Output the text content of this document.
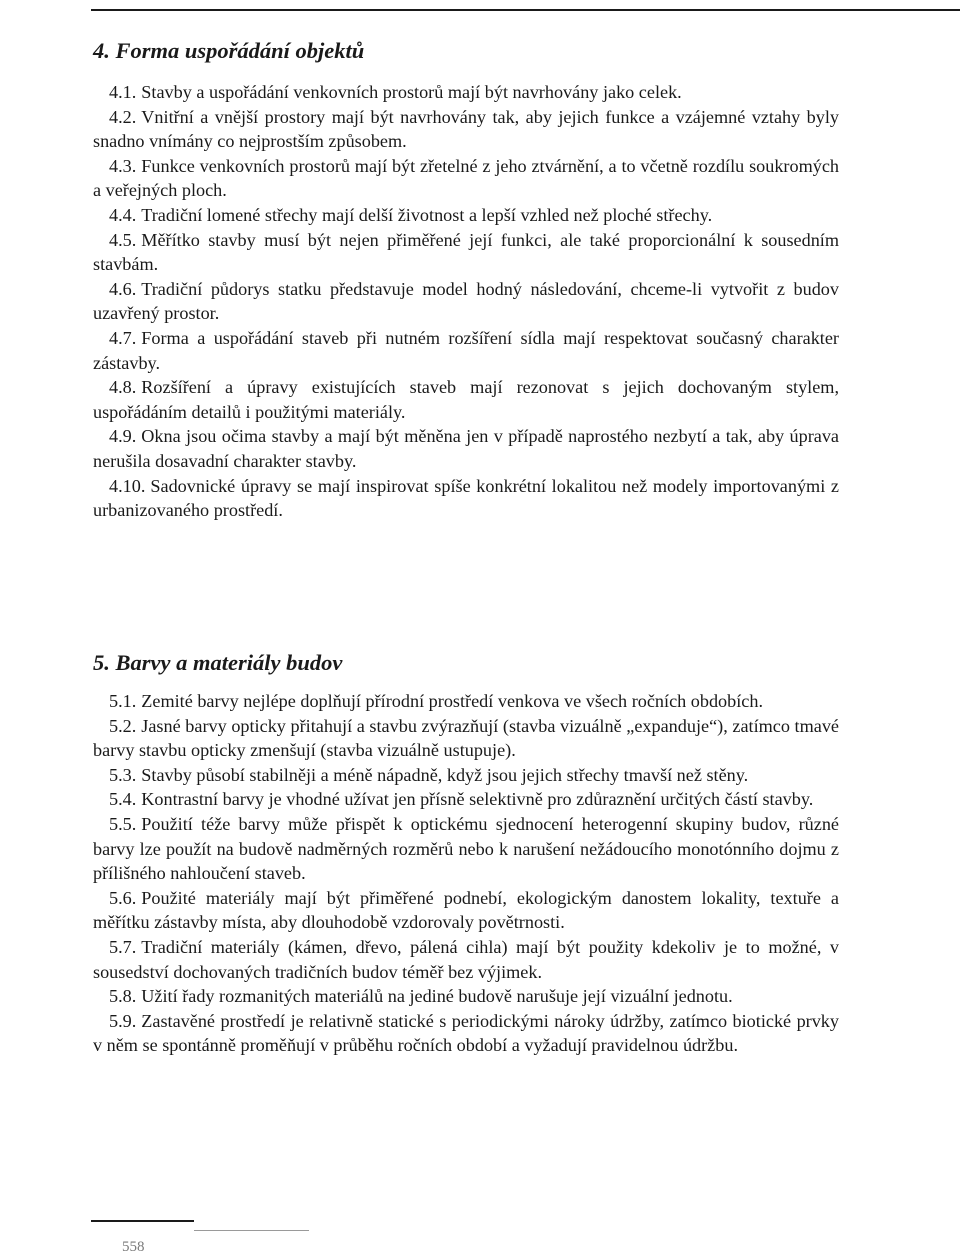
4. Forma uspořádání objektů

4.1. Stavby a uspořádání venkovních prostorů mají být navrhovány jako celek.

4.2. Vnitřní a vnější prostory mají být navrhovány tak, aby jejich funkce a vzájemné vztahy byly snadno vnímány co nejprostším způsobem.

4.3. Funkce venkovních prostorů mají být zřetelné z jeho ztvárnění, a to včetně rozdílu soukromých a veřejných ploch.

4.4. Tradiční lomené střechy mají delší životnost a lepší vzhled než ploché střechy.

4.5. Měřítko stavby musí být nejen přiměřené její funkci, ale také proporcionální k sousedním stavbám.

4.6. Tradiční půdorys statku představuje model hodný následování, chceme-li vytvořit z budov uzavřený prostor.

4.7. Forma a uspořádání staveb při nutném rozšíření sídla mají respektovat současný charakter zástavby.

4.8. Rozšíření a úpravy existujících staveb mají rezonovat s jejich dochovaným stylem, uspořádáním detailů i použitými materiály.

4.9. Okna jsou očima stavby a mají být měněna jen v případě naprostého nezbytí a tak, aby úprava nerušila dosavadní charakter stavby.

4.10. Sadovnické úpravy se mají inspirovat spíše konkrétní lokalitou než modely importovanými z urbanizovaného prostředí.

5. Barvy a materiály budov

5.1. Zemité barvy nejlépe doplňují přírodní prostředí venkova ve všech ročních obdobích.

5.2. Jasné barvy opticky přitahují a stavbu zvýrazňují (stavba vizuálně „expanduje“), zatímco tmavé barvy stavbu opticky zmenšují (stavba vizuálně ustupuje).

5.3. Stavby působí stabilněji a méně nápadně, když jsou jejich střechy tmavší než stěny.

5.4. Kontrastní barvy je vhodné užívat jen přísně selektivně pro zdůraznění určitých částí stavby.

5.5. Použití téže barvy může přispět k optickému sjednocení heterogenní skupiny budov, různé barvy lze použít na budově nadměrných rozměrů nebo k narušení nežádoucího monotónního dojmu z přílišného nahloučení staveb.

5.6. Použité materiály mají být přiměřené podnebí, ekologickým danostem lokality, textuře a měřítku zástavby místa, aby dlouhodobě vzdorovaly povětrnosti.

5.7. Tradiční materiály (kámen, dřevo, pálená cihla) mají být použity kdekoliv je to možné, v sousedství dochovaných tradičních budov téměř bez výjimek.

5.8. Užití řady rozmanitých materiálů na jediné budově narušuje její vizuální jednotu.

5.9. Zastavěné prostředí je relativně statické s periodickými nároky údržby, zatímco biotické prvky v něm se spontánně proměňují v průběhu ročních období a vyžadují pravidelnou údržbu.

558
